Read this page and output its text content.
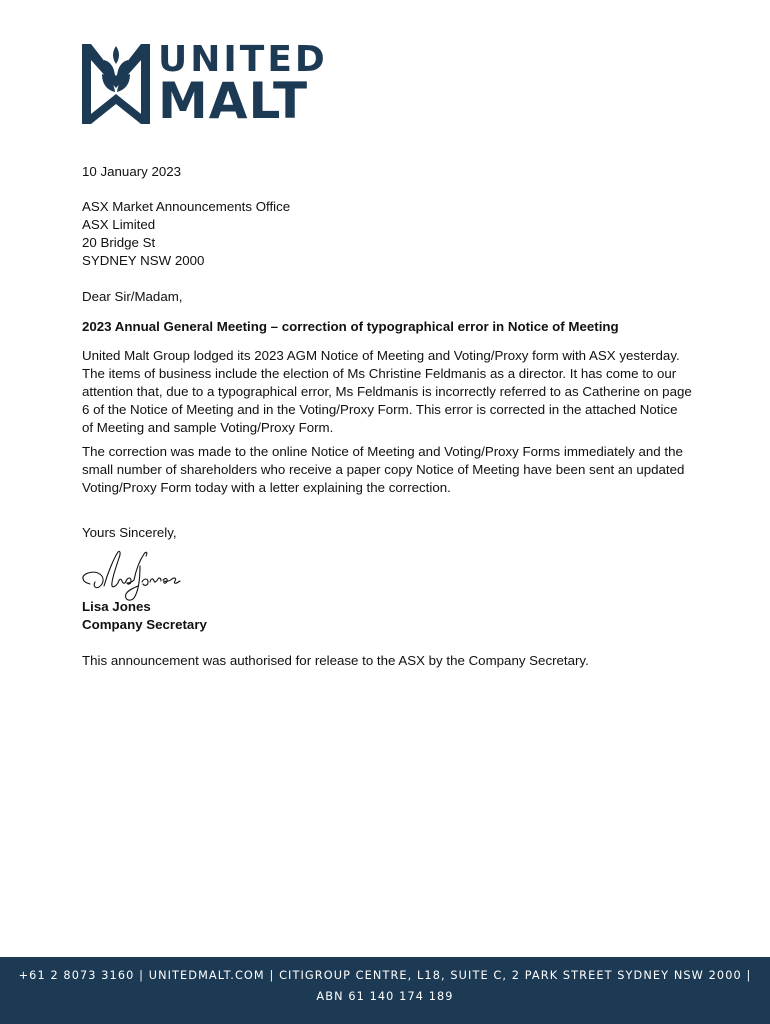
UNITED
MALT
10 January 2023
ASX Market Announcements Office
ASX Limited
20 Bridge St
SYDNEY NSW 2000
Dear Sir/Madam,
2023 Annual General Meeting – correction of typographical error in Notice of Meeting

United Malt Group lodged its 2023 AGM Notice of Meeting and Voting/Proxy form with ASX yesterday. The items of business include the election of Ms Christine Feldmanis as a director. It has come to our attention that, due to a typographical error, Ms Feldmanis is incorrectly referred to as Catherine on page 6 of the Notice of Meeting and in the Voting/Proxy Form. This error is corrected in the attached Notice of Meeting and sample Voting/Proxy Form.

The correction was made to the online Notice of Meeting and Voting/Proxy Forms immediately and the small number of shareholders who receive a paper copy Notice of Meeting have been sent an updated Voting/Proxy Form today with a letter explaining the correction.

Yours Sincerely,
Lisa Jones
Company Secretary
This announcement was authorised for release to the ASX by the Company Secretary.
+61 2 8073 3160 | UNITEDMALT.COM | CITIGROUP CENTRE, L18, SUITE C, 2 PARK STREET SYDNEY NSW 2000 |
ABN 61 140 174 189
